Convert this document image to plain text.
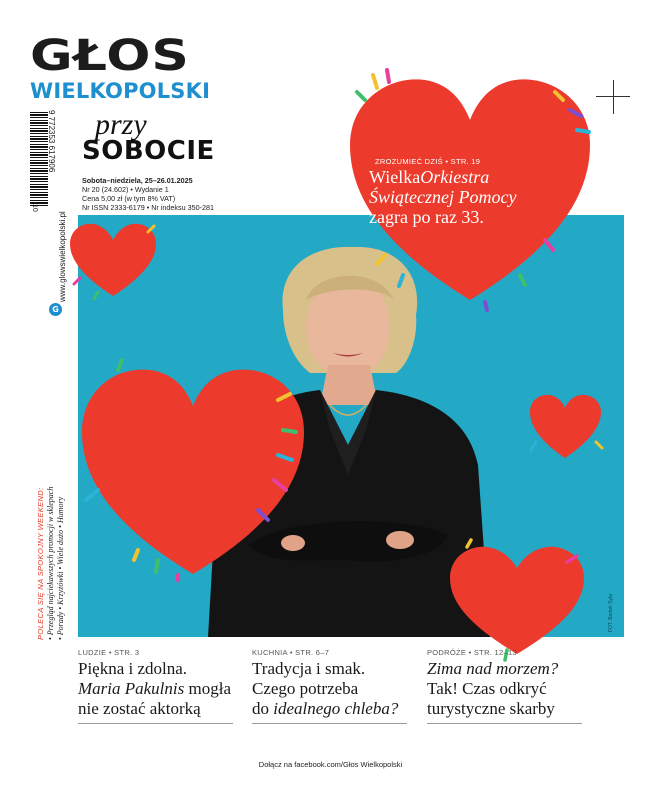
GŁOS
WIELKOPOLSKI
przy
SOBOCIE
Sobota–niedziela, 25–26.01.2025
Nr 20 (24.602) • Wydanie 1
Cena 5,00 zł (w tym 8% VAT)
Nr ISSN 2333-6179 • Nr indeksu 350-281
9 772353 617906
10
G
www.glowswielkopolski.pl
POLECA SIĘ NA SPOKOJNY WEEKEND: • Przegląd najciekawszych promocji w sklepach • Porady • Krzyżówki • Wiele dużo • Humory	FOT. Bartek Syta
ZROZUMIEĆ DZIŚ • STR. 19
WielkaOrkiestra
Świątecznej Pomocy
zagra po raz 33.
LUDZIE • STR. 3
Piękna i zdolna.
Maria Pakulnis mogła
nie zostać aktorką
KUCHNIA • STR. 6–7
Tradycja i smak.
Czego potrzeba
do idealnego chleba?
PODRÓŻE • STR. 12–13
Zima nad morzem?
Tak! Czas odkryć
turystyczne skarby
Dołącz na facebook.com/Głos Wielkopolski
